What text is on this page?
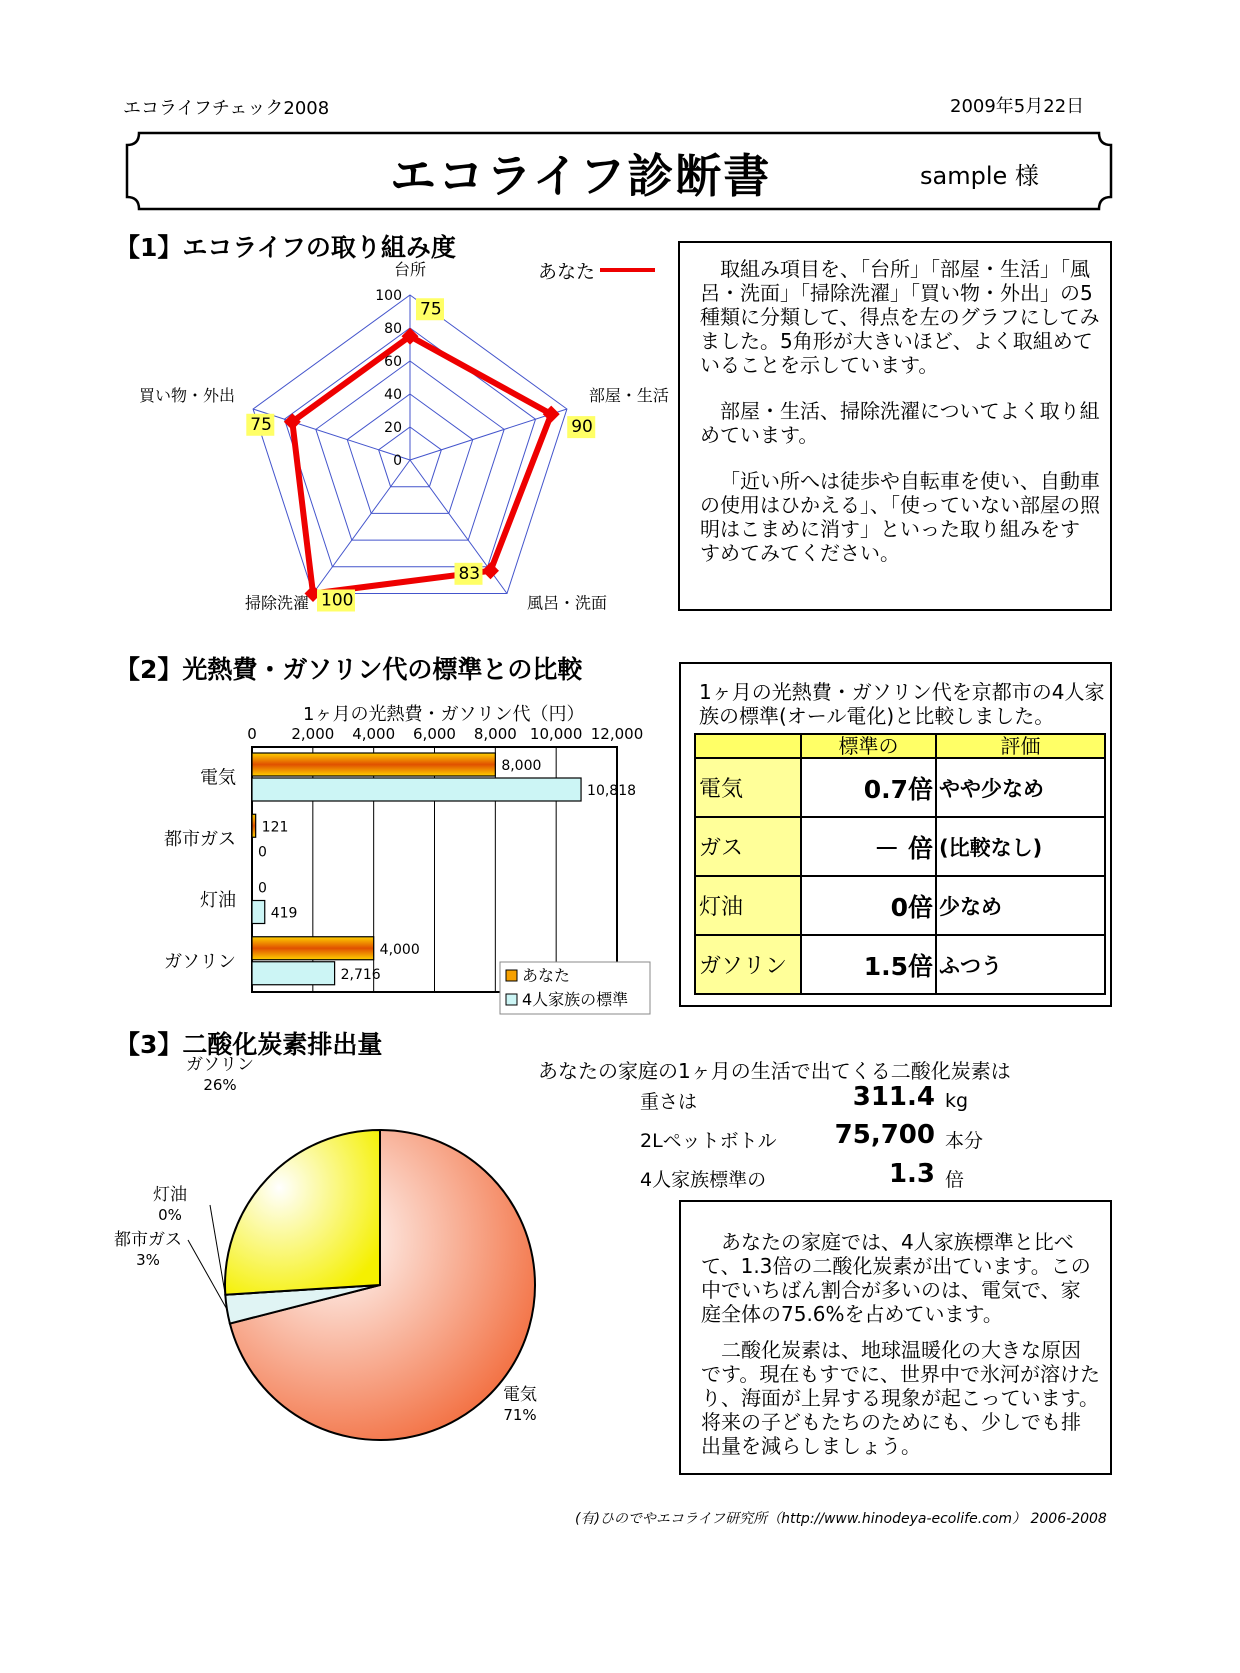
エコライフチェック2008	2009年5月22日
エコライフ診断書	sample 様
【1】エコライフの取り組み度
あなた
0
20
40
60
80
100
台所
部屋・生活
風呂・洗面
掃除洗濯
買い物・外出
75
90
83
100
75

取組み項目を、「台所」「部屋・生活」「風呂・洗面」「掃除洗濯」「買い物・外出」の5種類に分類して、得点を左のグラフにしてみました。5角形が大きいほど、よく取組めていることを示しています。

部屋・生活、掃除洗濯についてよく取り組めています。

「近い所へは徒歩や自転車を使い、自動車の使用はひかえる」、「使っていない部屋の照明はこまめに消す」といった取り組みをすすめてみてください。

【2】光熱費・ガソリン代の標準との比較
1ヶ月の光熱費・ガソリン代（円）
0 2,000 4,000 6,000 8,000 10,000 12,000
電気
8,000
10,818
都市ガス
121
0
灯油
0
419
ガソリン
4,000
2,716	あなた
4人家族の標準
1ヶ月の光熱費・ガソリン代を京都市の4人家族の標準(オール電化)と比較しました。
	標準の	評価
電気	0.7倍	やや少なめ
ガス	－ 倍	(比較なし)
灯油	0倍	少なめ
ガソリン	1.5倍	ふつう
【3】二酸化炭素排出量
あなたの家庭の1ヶ月の生活で出てくる二酸化炭素は
重さは	311.4 kg
2Lペットボトル	75,700 本分
4人家族標準の	1.3 倍
電気
71%
都市ガス
3%
灯油
0%
ガソリン
26%

あなたの家庭では、4人家族標準と比べて、1.3倍の二酸化炭素が出ています。この中でいちばん割合が多いのは、電気で、家庭全体の75.6%を占めています。

二酸化炭素は、地球温暖化の大きな原因です。現在もすでに、世界中で氷河が溶けたり、海面が上昇する現象が起こっています。将来の子どもたちのためにも、少しでも排出量を減らしましょう。

(有)ひのでやエコライフ研究所（http://www.hinodeya-ecolife.com） 2006-2008
